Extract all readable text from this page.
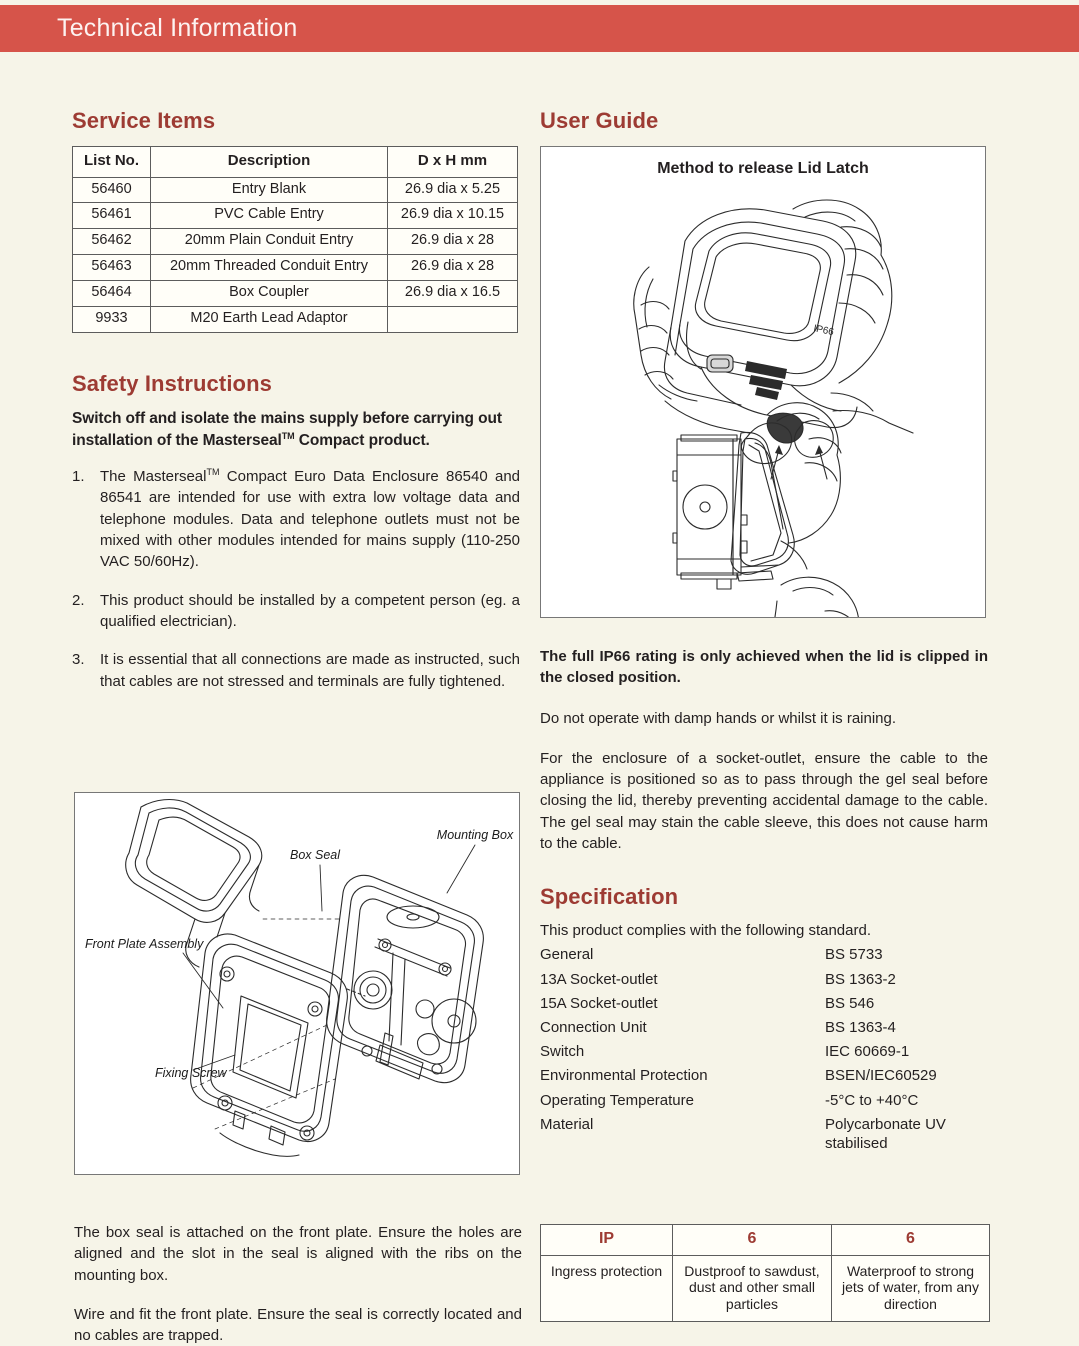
Technical Information
Service Items
List No.	Description	D x H mm
56460	Entry Blank	26.9 dia x 5.25
56461	PVC Cable Entry	26.9 dia x 10.15
56462	20mm Plain Conduit Entry	26.9 dia x 28
56463	20mm Threaded Conduit Entry	26.9 dia x 28
56464	Box Coupler	26.9 dia x 16.5
9933	M20 Earth Lead Adaptor	
Safety Instructions

Switch off and isolate the mains supply before carrying out installation of the Masterseal™ Compact product.

The Masterseal™ Compact Euro Data Enclosure 86540 and 86541 are intended for use with extra low voltage data and telephone modules. Data and telephone outlets must not be mixed with other modules intended for mains supply (110-250 VAC 50/60Hz).
This product should be installed by a competent person (eg. a qualified electrician).
It is essential that all connections are made as instructed, such that cables are not stressed and terminals are fully tightened.
Box Seal
Mounting Box
Front Plate Assembly
Fixing Screw

The box seal is attached on the front plate. Ensure the holes are aligned and the slot in the seal is aligned with the ribs on the mounting box.

Wire and fit the front plate. Ensure the seal is correctly located and no cables are trapped.

User Guide
Method to release Lid Latch
IP66

The full IP66 rating is only achieved when the lid is clipped in the closed position.

Do not operate with damp hands or whilst it is raining.

For the enclosure of a socket-outlet, ensure the cable to the appliance is positioned so as to pass through the gel seal before closing the lid, thereby preventing accidental damage to the cable. The gel seal may stain the cable sleeve, this does not cause harm to the cable.

Specification

This product complies with the following standard.

General	BS 5733
13A Socket-outlet	BS 1363-2
15A Socket-outlet	BS 546
Connection Unit	BS 1363-4
Switch	IEC 60669-1
Environmental Protection	BSEN/IEC60529
Operating Temperature	-5°C to +40°C
Material	Polycarbonate UV stabilised
IP	6	6
Ingress protection	Dustproof to sawdust, dust and other small particles	Waterproof to strong jets of water, from any direction
